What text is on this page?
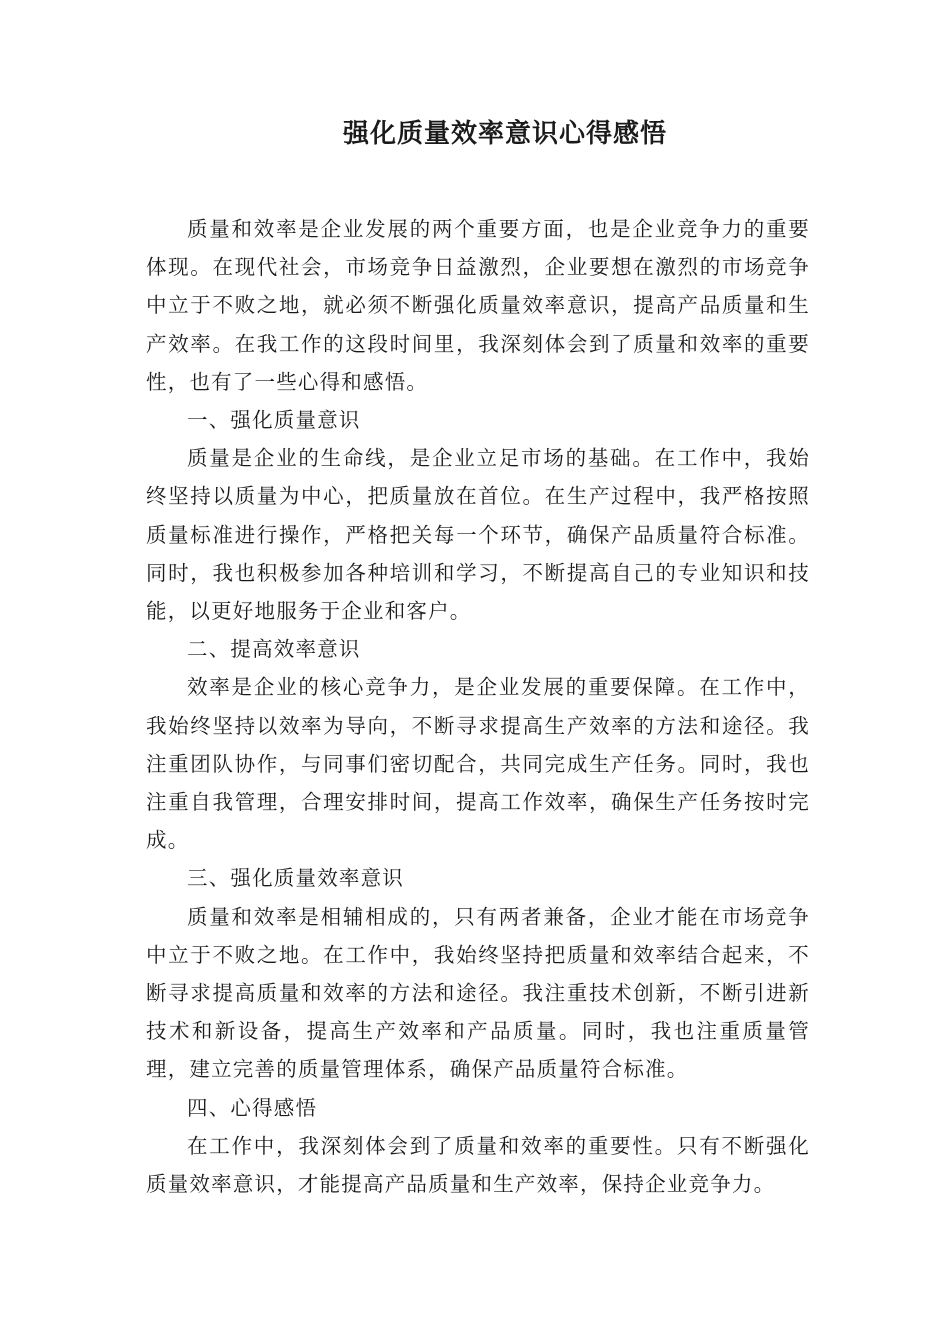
强化质量效率意识心得感悟

质量和效率是企业发展的两个重要方面，也是企业竞争力的重要体现。在现代社会，市场竞争日益激烈，企业要想在激烈的市场竞争中立于不败之地，就必须不断强化质量效率意识，提高产品质量和生产效率。在我工作的这段时间里，我深刻体会到了质量和效率的重要性，也有了一些心得和感悟。

一、强化质量意识

质量是企业的生命线，是企业立足市场的基础。在工作中，我始终坚持以质量为中心，把质量放在首位。在生产过程中，我严格按照质量标准进行操作，严格把关每一个环节，确保产品质量符合标准。同时，我也积极参加各种培训和学习，不断提高自己的专业知识和技能，以更好地服务于企业和客户。

二、提高效率意识

效率是企业的核心竞争力，是企业发展的重要保障。在工作中，我始终坚持以效率为导向，不断寻求提高生产效率的方法和途径。我注重团队协作，与同事们密切配合，共同完成生产任务。同时，我也注重自我管理，合理安排时间，提高工作效率，确保生产任务按时完成。

三、强化质量效率意识

质量和效率是相辅相成的，只有两者兼备，企业才能在市场竞争中立于不败之地。在工作中，我始终坚持把质量和效率结合起来，不断寻求提高质量和效率的方法和途径。我注重技术创新，不断引进新技术和新设备，提高生产效率和产品质量。同时，我也注重质量管理，建立完善的质量管理体系，确保产品质量符合标准。

四、心得感悟

在工作中，我深刻体会到了质量和效率的重要性。只有不断强化质量效率意识，才能提高产品质量和生产效率，保持企业竞争力。
